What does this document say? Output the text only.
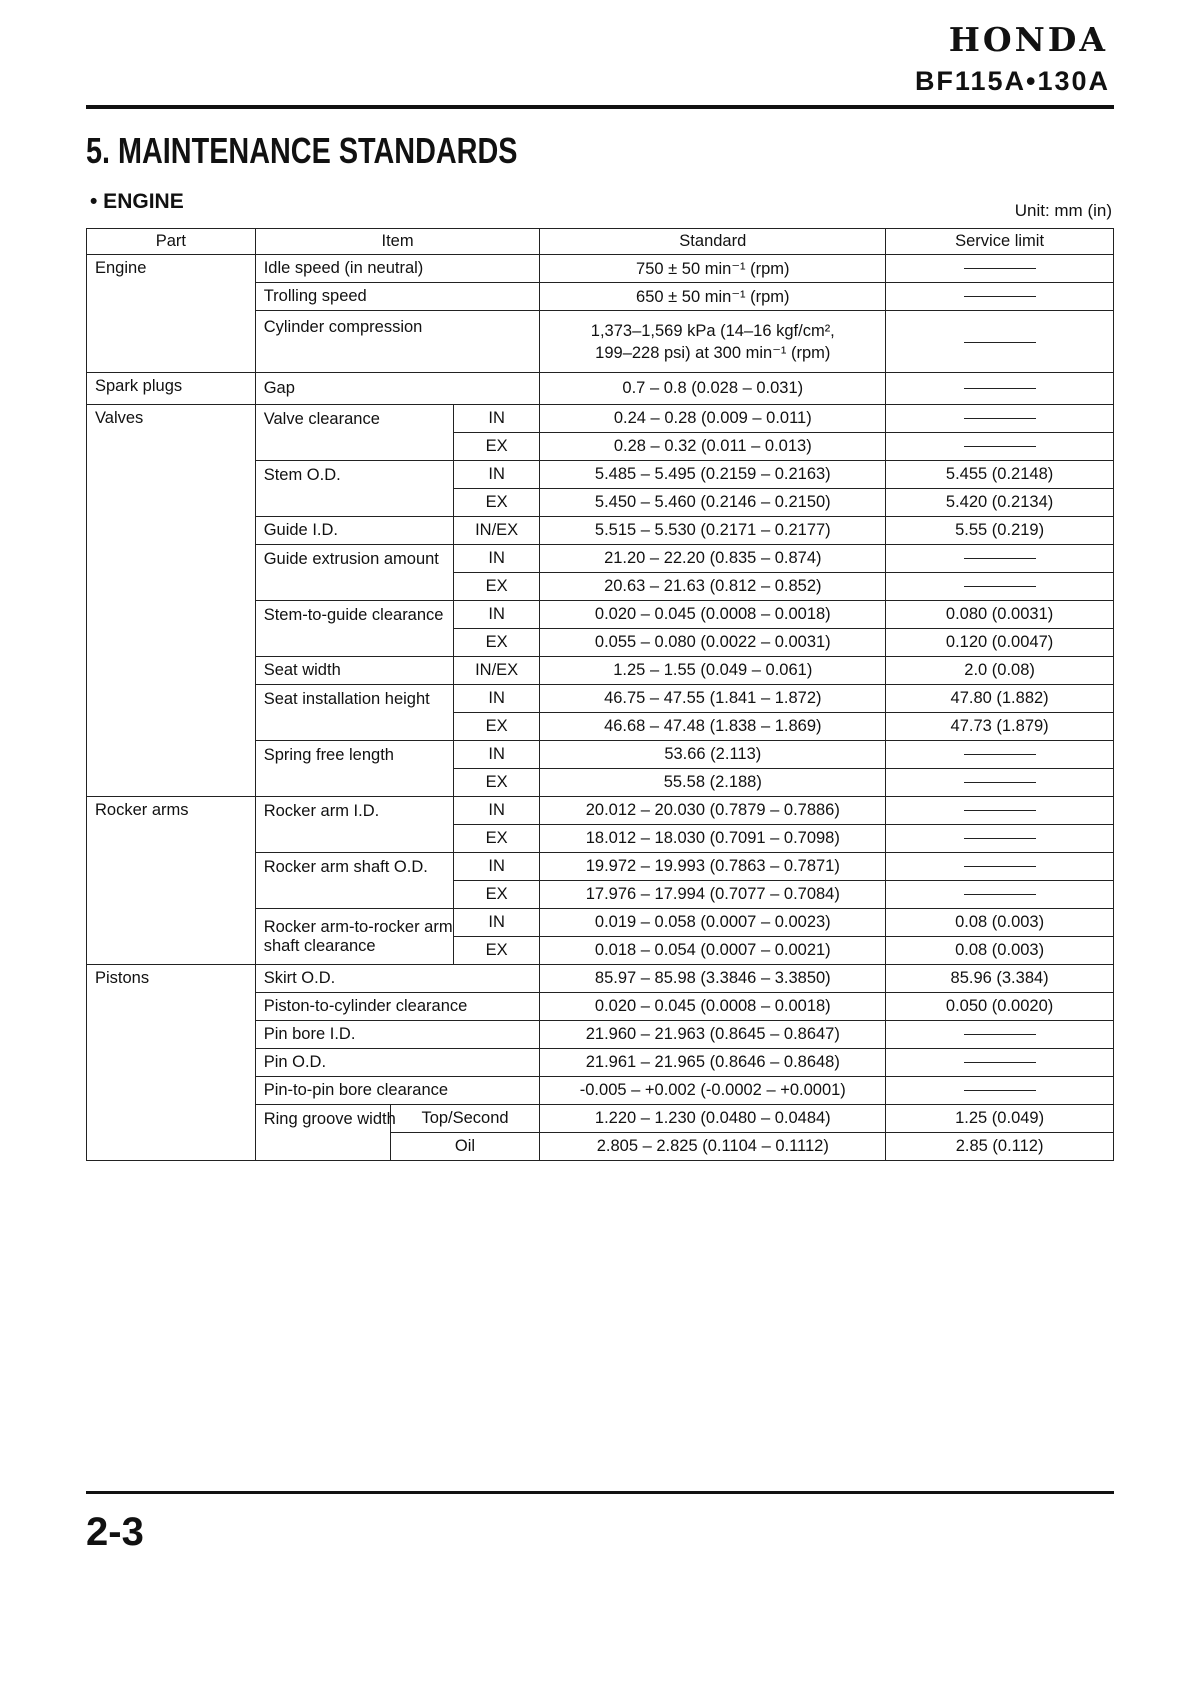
HONDA
BF115A•130A
5. MAINTENANCE STANDARDS
• ENGINE	Unit: mm (in)
Part	Item			Standard	Service limit
Engine	Idle speed (in neutral)			750 ± 50 min⁻¹ (rpm)	
	Trolling speed			650 ± 50 min⁻¹ (rpm)	
	Cylinder compression			1,373–1,569 kPa (14–16 kgf/cm²,
199–228 psi) at 300 min⁻¹ (rpm)	

Spark plugs	Gap			0.7 – 0.8 (0.028 – 0.031)	
Valves	Valve clearance		IN	0.24 – 0.28 (0.009 – 0.011)	
			EX	0.28 – 0.32 (0.011 – 0.013)	
	Stem O.D.		IN	5.485 – 5.495 (0.2159 – 0.2163)	5.455 (0.2148)
			EX	5.450 – 5.460 (0.2146 – 0.2150)	5.420 (0.2134)
	Guide I.D.		IN/EX	5.515 – 5.530 (0.2171 – 0.2177)	5.55 (0.219)
	Guide extrusion amount		IN	21.20 – 22.20 (0.835 – 0.874)	
			EX	20.63 – 21.63 (0.812 – 0.852)	
	Stem-to-guide clearance		IN	0.020 – 0.045 (0.0008 – 0.0018)	0.080 (0.0031)
			EX	0.055 – 0.080 (0.0022 – 0.0031)	0.120 (0.0047)
	Seat width		IN/EX	1.25 – 1.55 (0.049 – 0.061)	2.0 (0.08)
	Seat installation height		IN	46.75 – 47.55 (1.841 – 1.872)	47.80 (1.882)
			EX	46.68 – 47.48 (1.838 – 1.869)	47.73 (1.879)
	Spring free length		IN	53.66 (2.113)	
			EX	55.58 (2.188)	
Rocker arms	Rocker arm I.D.		IN	20.012 – 20.030 (0.7879 – 0.7886)	
			EX	18.012 – 18.030 (0.7091 – 0.7098)	
	Rocker arm shaft O.D.		IN	19.972 – 19.993 (0.7863 – 0.7871)	
			EX	17.976 – 17.994 (0.7077 – 0.7084)	

	Rocker arm-to-rocker arm
shaft clearance		IN	0.019 – 0.058 (0.0007 – 0.0023)	0.08 (0.003)
			EX	0.018 – 0.054 (0.0007 – 0.0021)	0.08 (0.003)
Pistons	Skirt O.D.			85.97 – 85.98 (3.3846 – 3.3850)	85.96 (3.384)
	Piston-to-cylinder clearance			0.020 – 0.045 (0.0008 – 0.0018)	0.050 (0.0020)
	Pin bore I.D.			21.960 – 21.963 (0.8645 – 0.8647)	
	Pin O.D.			21.961 – 21.965 (0.8646 – 0.8648)	
	Pin-to-pin bore clearance			-0.005 – +0.002 (-0.0002 – +0.0001)	
	Ring groove width	Top/Second		1.220 – 1.230 (0.0480 – 0.0484)	1.25 (0.049)
		Oil		2.805 – 2.825 (0.1104 – 0.1112)	2.85 (0.112)
2-3
